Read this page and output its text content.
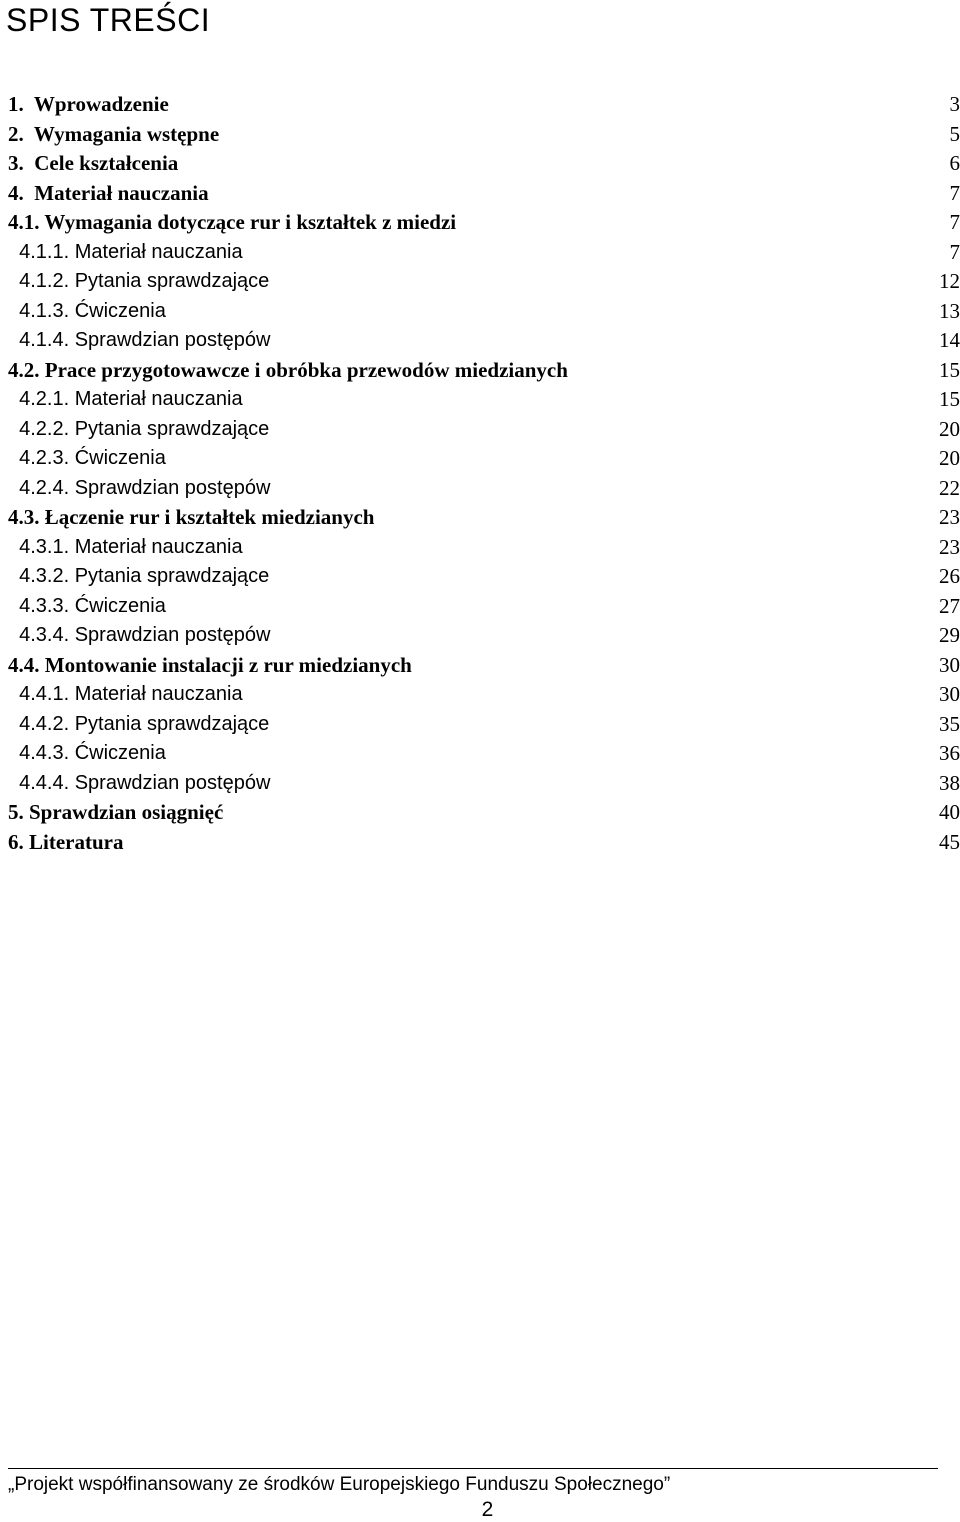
SPIS TREŚCI
1.  Wprowadzenie	3
2.  Wymagania wstępne	5
3.  Cele kształcenia	6
4.  Materiał nauczania	7
4.1. Wymagania dotyczące rur i kształtek z miedzi	7
4.1.1. Materiał nauczania	7
4.1.2. Pytania sprawdzające	12
4.1.3. Ćwiczenia	13
4.1.4. Sprawdzian postępów	14
4.2. Prace przygotowawcze i obróbka przewodów miedzianych	15
4.2.1. Materiał nauczania	15
4.2.2. Pytania sprawdzające	20
4.2.3. Ćwiczenia	20
4.2.4. Sprawdzian postępów	22
4.3. Łączenie rur i kształtek miedzianych	23
4.3.1. Materiał nauczania	23
4.3.2. Pytania sprawdzające	26
4.3.3. Ćwiczenia	27
4.3.4. Sprawdzian postępów	29
4.4. Montowanie instalacji z rur miedzianych	30
4.4.1. Materiał nauczania	30
4.4.2. Pytania sprawdzające	35
4.4.3. Ćwiczenia	36
4.4.4. Sprawdzian postępów	38
5. Sprawdzian osiągnięć	40
6. Literatura	45
„Projekt współfinansowany ze środków Europejskiego Funduszu Społecznego”
2
